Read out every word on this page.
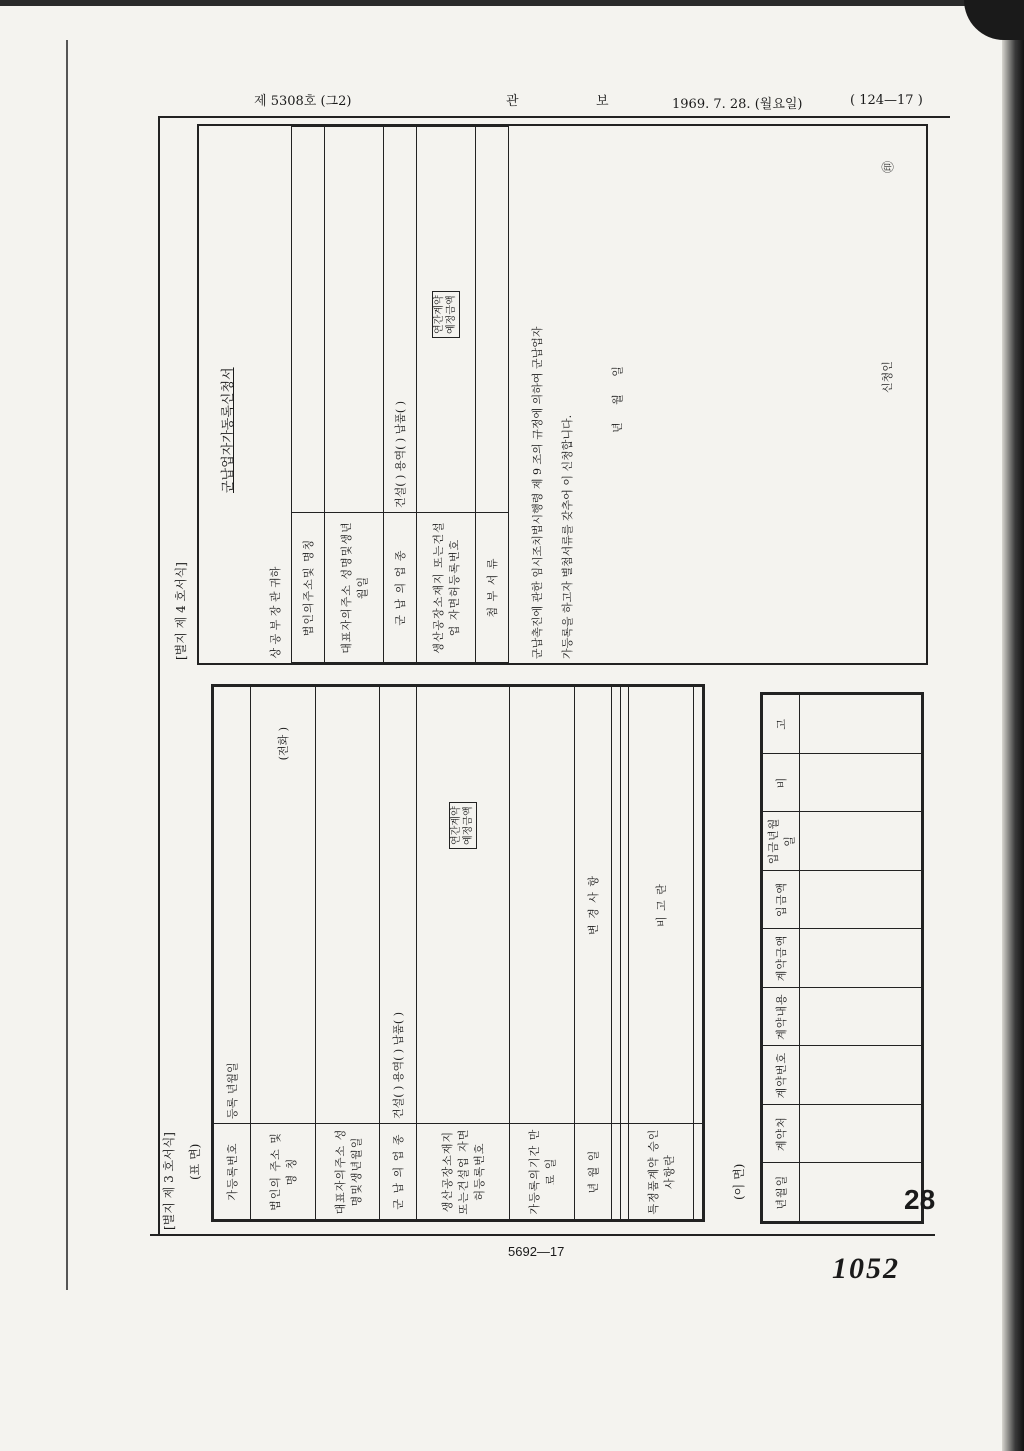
제 5308호 (그2)	관	보	1969. 7. 28. (월요일)	( 124—17 )
[별지 제 4 호서식]
군납업자가동록신청서
상 공 부 장 관 귀하	
법인의주소및 명칭	
대표자의주소 성명및생년월일	
군 납 의 업 종	건설( ) 용역( ) 납품( )
생산공장소재지 또는건설업 자면허등록번호	연간계약
예정금액
첨 부 서 류		군납촉진에 관한 임시조치법시행령 제 9 조의 규정에 의하여 군납업자 가등록을 하고자 별첨서류를 갖추어 이 신청합니다.
년     월     일	신청인
㊞
[별지 제 3 호서식] (표 면) 가등록번호	등록 년월일
법인의 주소 및 명 칭	(전화 )
대표자의주소 성명및생년월일	
군 납 의 업 종	건설( ) 용역( ) 납품( )
생산공장소재지 또는건설업 자면허등록번호	연간계약
예정금액
가등록의기간 만 료 일	
년 월 일	변 경 사 항

특정품계약 승인사항란	비 고 란

(이 면)	년월일	계약처	계약번호	계약내용	계약금액	입금액	입금년월일	비	고

5692—17
28
1052
